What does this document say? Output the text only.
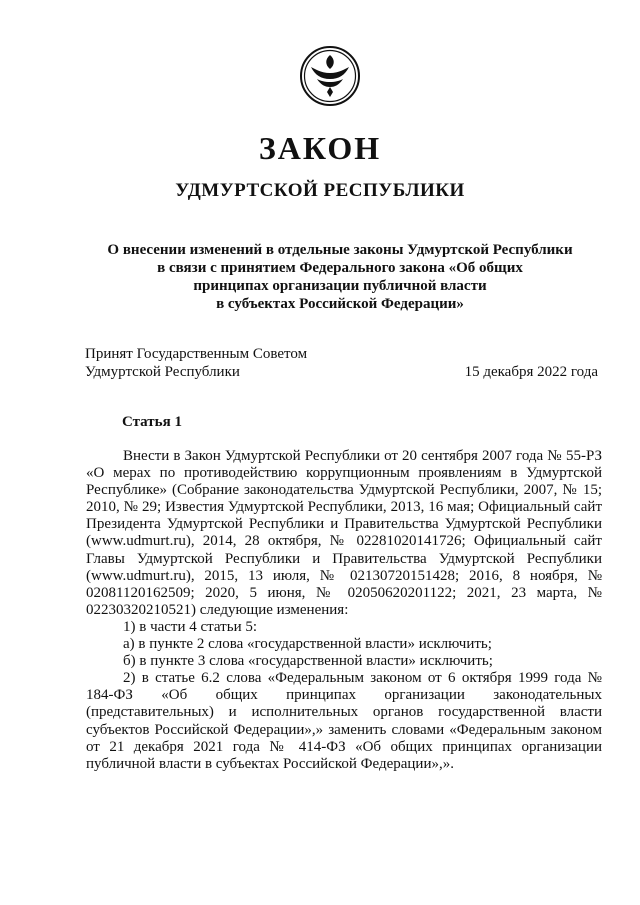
ЗАКОН
УДМУРТСКОЙ РЕСПУБЛИКИ
О внесении изменений в отдельные законы Удмуртской Республики
в связи с принятием Федерального закона «Об общих
принципах организации публичной власти
в субъектах Российской Федерации»
Принят Государственным Советом
Удмуртской Республики	15 декабря 2022 года
Статья 1
Внести в Закон Удмуртской Республики от 20 сентября 2007 года № 55-РЗ «О мерах по противодействию коррупционным проявлениям в Удмуртской Республике» (Собрание законодательства Удмуртской Республики, 2007, № 15; 2010, № 29; Известия Удмуртской Республики, 2013, 16 мая; Официальный сайт Президента Удмуртской Республики и Правительства Удмуртской Республики (www.udmurt.ru), 2014, 28 октября, № 02281020141726; Официальный сайт Главы Удмуртской Республики и Правительства Удмуртской Республики (www.udmurt.ru), 2015, 13 июля, № 02130720151428; 2016, 8 ноября, № 02081120162509; 2020, 5 июня, № 02050620201122; 2021, 23 марта, № 02230320210521) следующие изменения:
1) в части 4 статьи 5:
а) в пункте 2 слова «государственной власти» исключить;
б) в пункте 3 слова «государственной власти» исключить;
2) в статье 6.2 слова «Федеральным законом от 6 октября 1999 года № 184-ФЗ «Об общих принципах организации законодательных (представительных) и исполнительных органов государственной власти субъектов Российской Федерации»,» заменить словами «Федеральным законом от 21 декабря 2021 года № 414-ФЗ «Об общих принципах организации публичной власти в субъектах Российской Федерации»,».
